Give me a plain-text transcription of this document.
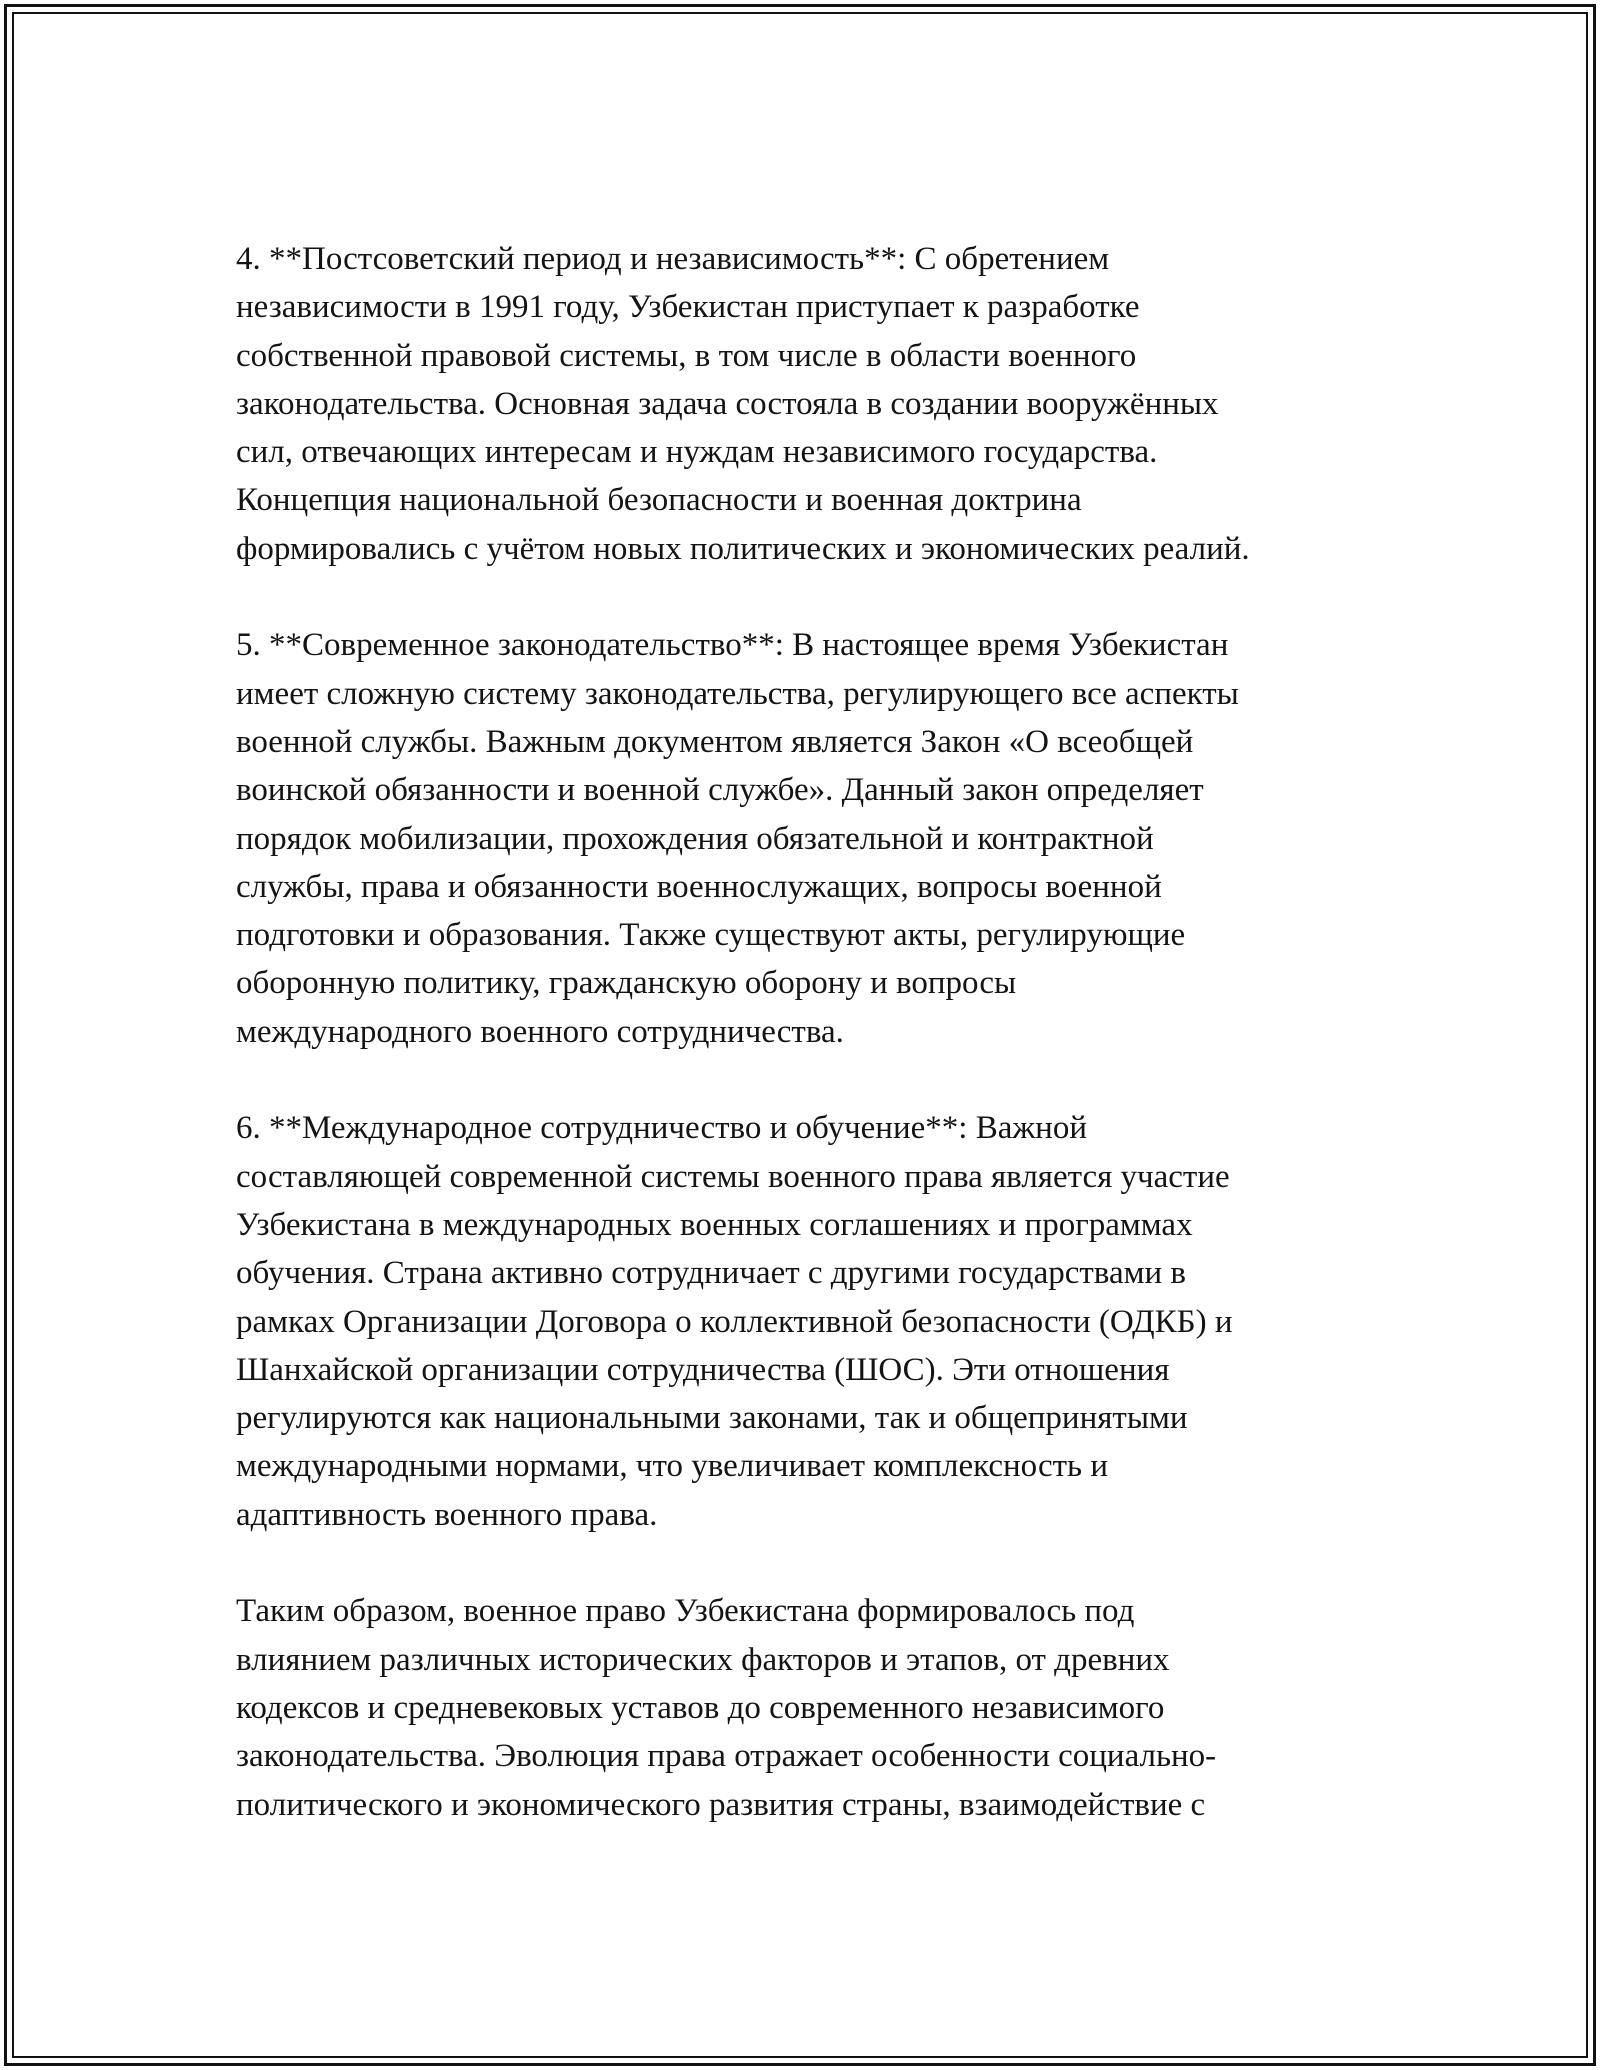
4. **Постсоветский период и независимость**: С обретением
независимости в 1991 году, Узбекистан приступает к разработке
собственной правовой системы, в том числе в области военного
законодательства. Основная задача состояла в создании вооружённых
сил, отвечающих интересам и нуждам независимого государства.
Концепция национальной безопасности и военная доктрина
формировались с учётом новых политических и экономических реалий.

5. **Современное законодательство**: В настоящее время Узбекистан
имеет сложную систему законодательства, регулирующего все аспекты
военной службы. Важным документом является Закон «О всеобщей
воинской обязанности и военной службе». Данный закон определяет
порядок мобилизации, прохождения обязательной и контрактной
службы, права и обязанности военнослужащих, вопросы военной
подготовки и образования. Также существуют акты, регулирующие
оборонную политику, гражданскую оборону и вопросы
международного военного сотрудничества.

6. **Международное сотрудничество и обучение**: Важной
составляющей современной системы военного права является участие
Узбекистана в международных военных соглашениях и программах
обучения. Страна активно сотрудничает с другими государствами в
рамках Организации Договора о коллективной безопасности (ОДКБ) и
Шанхайской организации сотрудничества (ШОС). Эти отношения
регулируются как национальными законами, так и общепринятыми
международными нормами, что увеличивает комплексность и
адаптивность военного права.

Таким образом, военное право Узбекистана формировалось под
влиянием различных исторических факторов и этапов, от древних
кодексов и средневековых уставов до современного независимого
законодательства. Эволюция права отражает особенности социально-
политического и экономического развития страны, взаимодействие с
